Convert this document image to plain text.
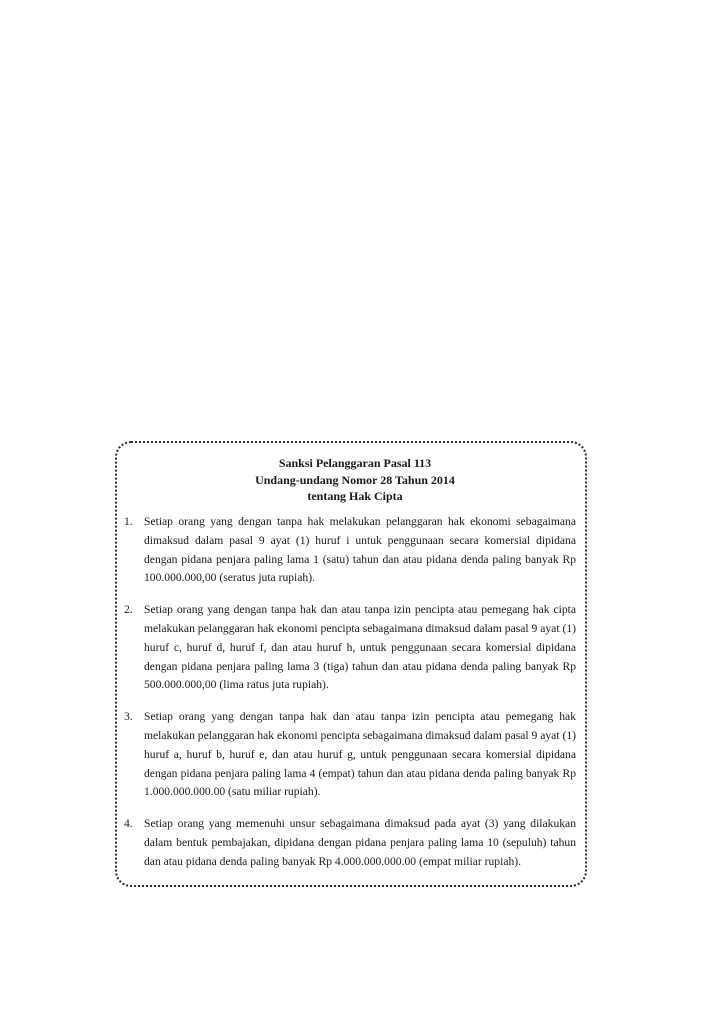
Sanksi Pelanggaran Pasal 113
Undang-undang Nomor 28 Tahun 2014
tentang Hak Cipta
1. Setiap orang yang dengan tanpa hak melakukan pelanggaran hak ekonomi sebagaimana dimaksud dalam pasal 9 ayat (1) huruf i untuk penggunaan secara komersial dipidana dengan pidana penjara paling lama 1 (satu) tahun dan atau pidana denda paling banyak Rp 100.000.000,00 (seratus juta rupiah).
2. Setiap orang yang dengan tanpa hak dan atau tanpa izin pencipta atau pemegang hak cipta melakukan pelanggaran hak ekonomi pencipta sebagaimana dimaksud dalam pasal 9 ayat (1) huruf c, huruf d, huruf f, dan atau huruf h, untuk penggunaan secara komersial dipidana dengan pidana penjara paling lama 3 (tiga) tahun dan atau pidana denda paling banyak Rp 500.000.000,00 (lima ratus juta rupiah).
3. Setiap orang yang dengan tanpa hak dan atau tanpa izin pencipta atau pemegang hak melakukan pelanggaran hak ekonomi pencipta sebagaimana dimaksud dalam pasal 9 ayat (1) huruf a, huruf b, huruf e, dan atau huruf g, untuk penggunaan secara komersial dipidana dengan pidana penjara paling lama 4 (empat) tahun dan atau pidana denda paling banyak Rp 1.000.000.000.00 (satu miliar rupiah).
4. Setiap orang yang memenuhi unsur sebagaimana dimaksud pada ayat (3) yang dilakukan dalam bentuk pembajakan, dipidana dengan pidana penjara paling lama 10 (sepuluh) tahun dan atau pidana denda paling banyak Rp 4.000.000.000.00 (empat miliar rupiah).
